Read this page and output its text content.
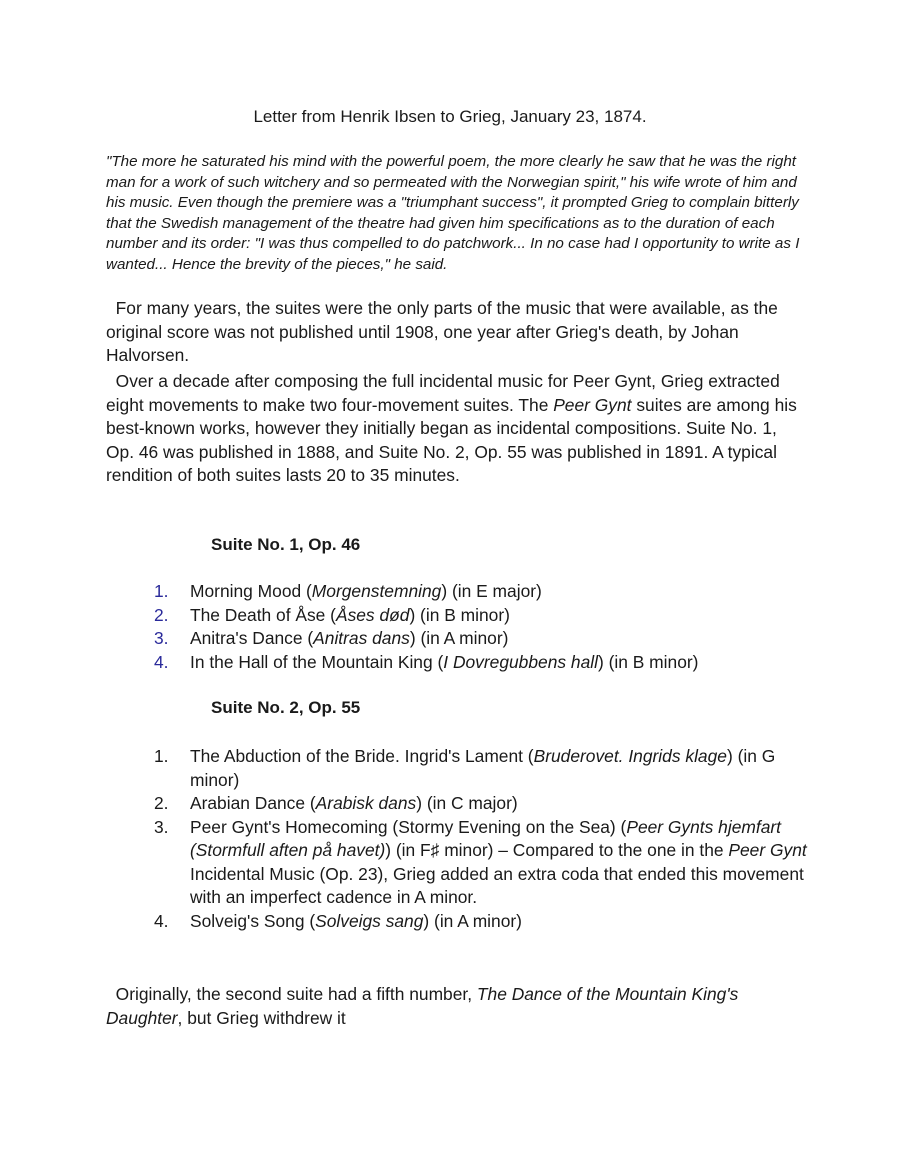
Letter from Henrik Ibsen to Grieg, January 23, 1874.

"The more he saturated his mind with the powerful poem, the more clearly he saw that he was the right man for a work of such witchery and so permeated with the Norwegian spirit," his wife wrote of him and his music. Even though the premiere was a "triumphant success", it prompted Grieg to complain bitterly that the Swedish management of the theatre had given him specifications as to the duration of each number and its order: "I was thus compelled to do patchwork... In no case had I opportunity to write as I wanted... Hence the brevity of the pieces," he said.

For many years, the suites were the only parts of the music that were available, as the original score was not published until 1908, one year after Grieg's death, by Johan Halvorsen.

Over a decade after composing the full incidental music for Peer Gynt, Grieg extracted eight movements to make two four-movement suites. The Peer Gynt suites are among his best-known works, however they initially began as incidental compositions. Suite No. 1, Op. 46 was published in 1888, and Suite No. 2, Op. 55 was published in 1891. A typical rendition of both suites lasts 20 to 35 minutes.

Suite No. 1, Op. 46
1. Morning Mood (Morgenstemning) (in E major)
2. The Death of Åse (Åses død) (in B minor)
3. Anitra's Dance (Anitras dans) (in A minor)
4. In the Hall of the Mountain King (I Dovregubbens hall) (in B minor)
Suite No. 2, Op. 55
1. The Abduction of the Bride. Ingrid's Lament (Bruderovet. Ingrids klage) (in G minor)
2. Arabian Dance (Arabisk dans) (in C major)
3. Peer Gynt's Homecoming (Stormy Evening on the Sea) (Peer Gynts hjemfart (Stormfull aften på havet)) (in F♯ minor) – Compared to the one in the Peer Gynt Incidental Music (Op. 23), Grieg added an extra coda that ended this movement with an imperfect cadence in A minor.
4. Solveig's Song (Solveigs sang) (in A minor)

Originally, the second suite had a fifth number, The Dance of the Mountain King's Daughter, but Grieg withdrew it
